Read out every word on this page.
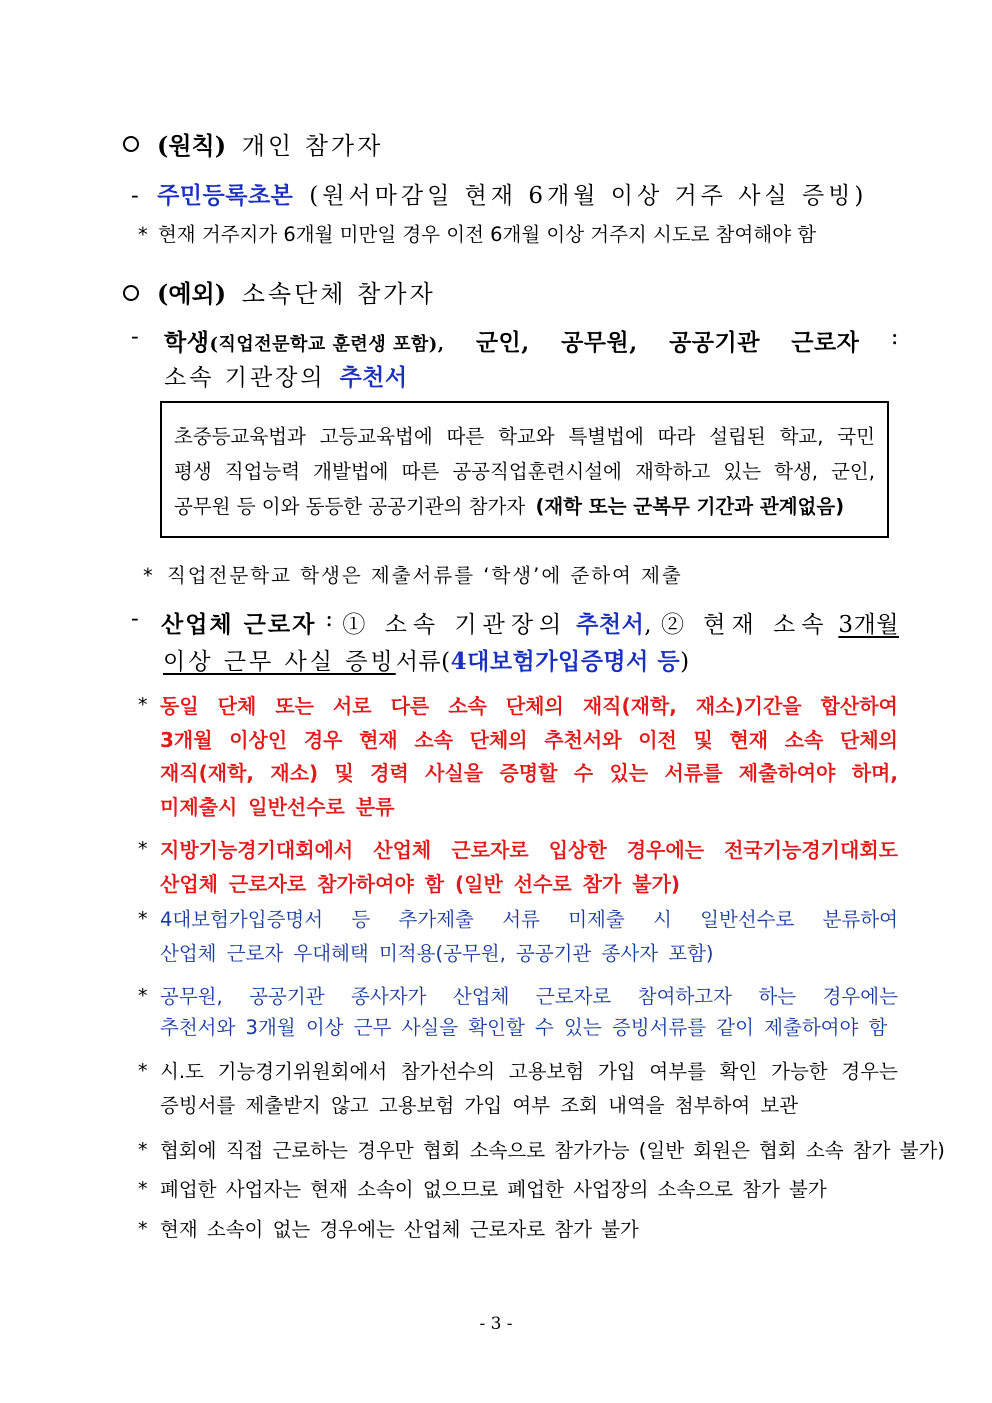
(원칙) 개인 참가자
- 주민등록초본 (원서마감일 현재 6개월 이상 거주 사실 증빙)
* 현재 거주지가 6개월 미만일 경우 이전 6개월 이상 거주지 시도로 참여해야 함
(예외) 소속단체 참가자
- 학생(직업전문학교 훈련생 포함), 군인, 공무원, 공공기관 근로자 :
소속 기관장의 추천서
초중등교육법과 고등교육법에 따른 학교와 특별법에 따라 설립된 학교, 국민
평생 직업능력 개발법에 따른 공공직업훈련시설에 재학하고 있는 학생, 군인,
공무원 등 이와 동등한 공공기관의 참가자 (재학 또는 군복무 기간과 관계없음)
* 직업전문학교 학생은 제출서류를 ‘학생’에 준하여 제출
- 산업체 근로자 : ① 소속 기관장의 추천서, ② 현재 소속 3개월
이상 근무 사실 증빙서류(4대보험가입증명서 등)
* 동일 단체 또는 서로 다른 소속 단체의 재직(재학, 재소)기간을 합산하여
3개월 이상인 경우 현재 소속 단체의 추천서와 이전 및 현재 소속 단체의
재직(재학, 재소) 및 경력 사실을 증명할 수 있는 서류를 제출하여야 하며,
미제출시 일반선수로 분류
* 지방기능경기대회에서 산업체 근로자로 입상한 경우에는 전국기능경기대회도
산업체 근로자로 참가하여야 함 (일반 선수로 참가 불가)
* 4대보험가입증명서 등 추가제출 서류 미제출 시 일반선수로 분류하여
산업체 근로자 우대혜택 미적용(공무원, 공공기관 종사자 포함)
* 공무원, 공공기관 종사자가 산업체 근로자로 참여하고자 하는 경우에는
추천서와 3개월 이상 근무 사실을 확인할 수 있는 증빙서류를 같이 제출하여야 함
* 시.도 기능경기위원회에서 참가선수의 고용보험 가입 여부를 확인 가능한 경우는
증빙서를 제출받지 않고 고용보험 가입 여부 조회 내역을 첨부하여 보관
* 협회에 직접 근로하는 경우만 협회 소속으로 참가가능 (일반 회원은 협회 소속 참가 불가)
* 폐업한 사업자는 현재 소속이 없으므로 폐업한 사업장의 소속으로 참가 불가
* 현재 소속이 없는 경우에는 산업체 근로자로 참가 불가
- 3 -
